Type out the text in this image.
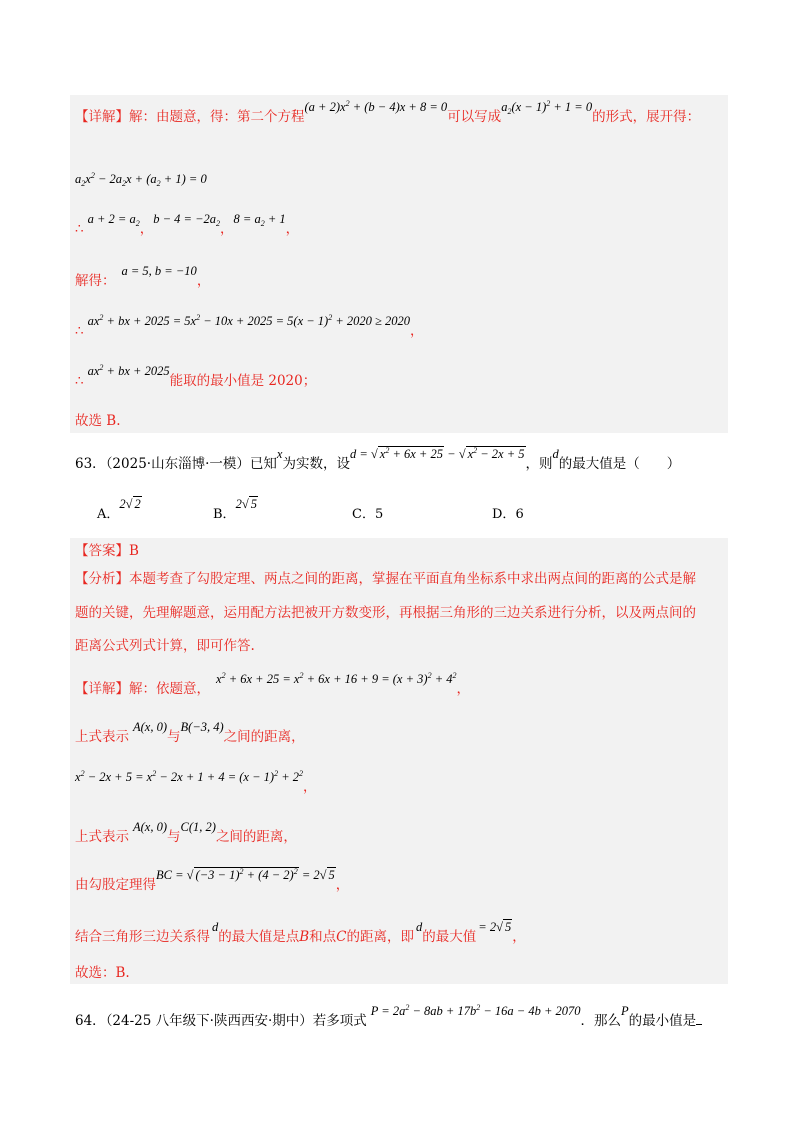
【详解】解：由题意，得：第二个方程$(a + 2)x^2 + (b - 4)x + 8 = 0$可以写成$a_2(x - 1)^2 + 1 = 0$的形式，展开得：
$a_2x^2 - 2a_2x + (a_2 + 1) = 0$
∴a + $2 = a_2$，$b - 4 = -2a_2$，$8 = a_2 + 1$，
解得：a = 5, b = −10，
$\therefore ax^2$ + bx + $2025 = 5x^2 - 10x + 2025 = 5(x - 1)^2 + 2020 \ge 2020$，
$\therefore ax^2$ + bx + 2025能取的最小值是 2020；
故选 B.
63．（2025·山东淄博·一模）已知x为实数，设d = √ $x^2 + 6x + 25$ − √ $x^2 - 2x + 5$，则d的最大值是（　　）
A．2√ 2
B．2√ 5
C．5	D．6
【答案】B
【分析】本题考查了勾股定理、两点之间的距离，掌握在平面直角坐标系中求出两点间的距离的公式是解
题的关键，先理解题意，运用配方法把被开方数变形，再根据三角形的三边关系进行分析，以及两点间的
距离公式列式计算，即可作答.
【详解】解：依题意，$x^2 + 6x + 25 = x^2 + 6x + 16 + 9 = (x + 3)^2 + 4^2$，
上式表示A(x, 0)与B(−3, 4)之间的距离，
$x^2 - 2x + 5 = x^2 - 2x + 1 + 4 = (x - 1)^2 + 2^2$，
上式表示A(x, 0)与C(1, 2)之间的距离，
由勾股定理得BC = √ $(-3 - 1)^2 + (4 - 2)^2 = 2√$ 5，
结合三角形三边关系得d的最大值是点B和点C的距离，即d的最大值= 2√ 5，
故选：B.
64．（24-25 八年级下·陕西西安·期中）若多项式$P = 2a^2 - 8ab + 17b^2 - 16a - 4b + 2070$．那么P的最小值是
